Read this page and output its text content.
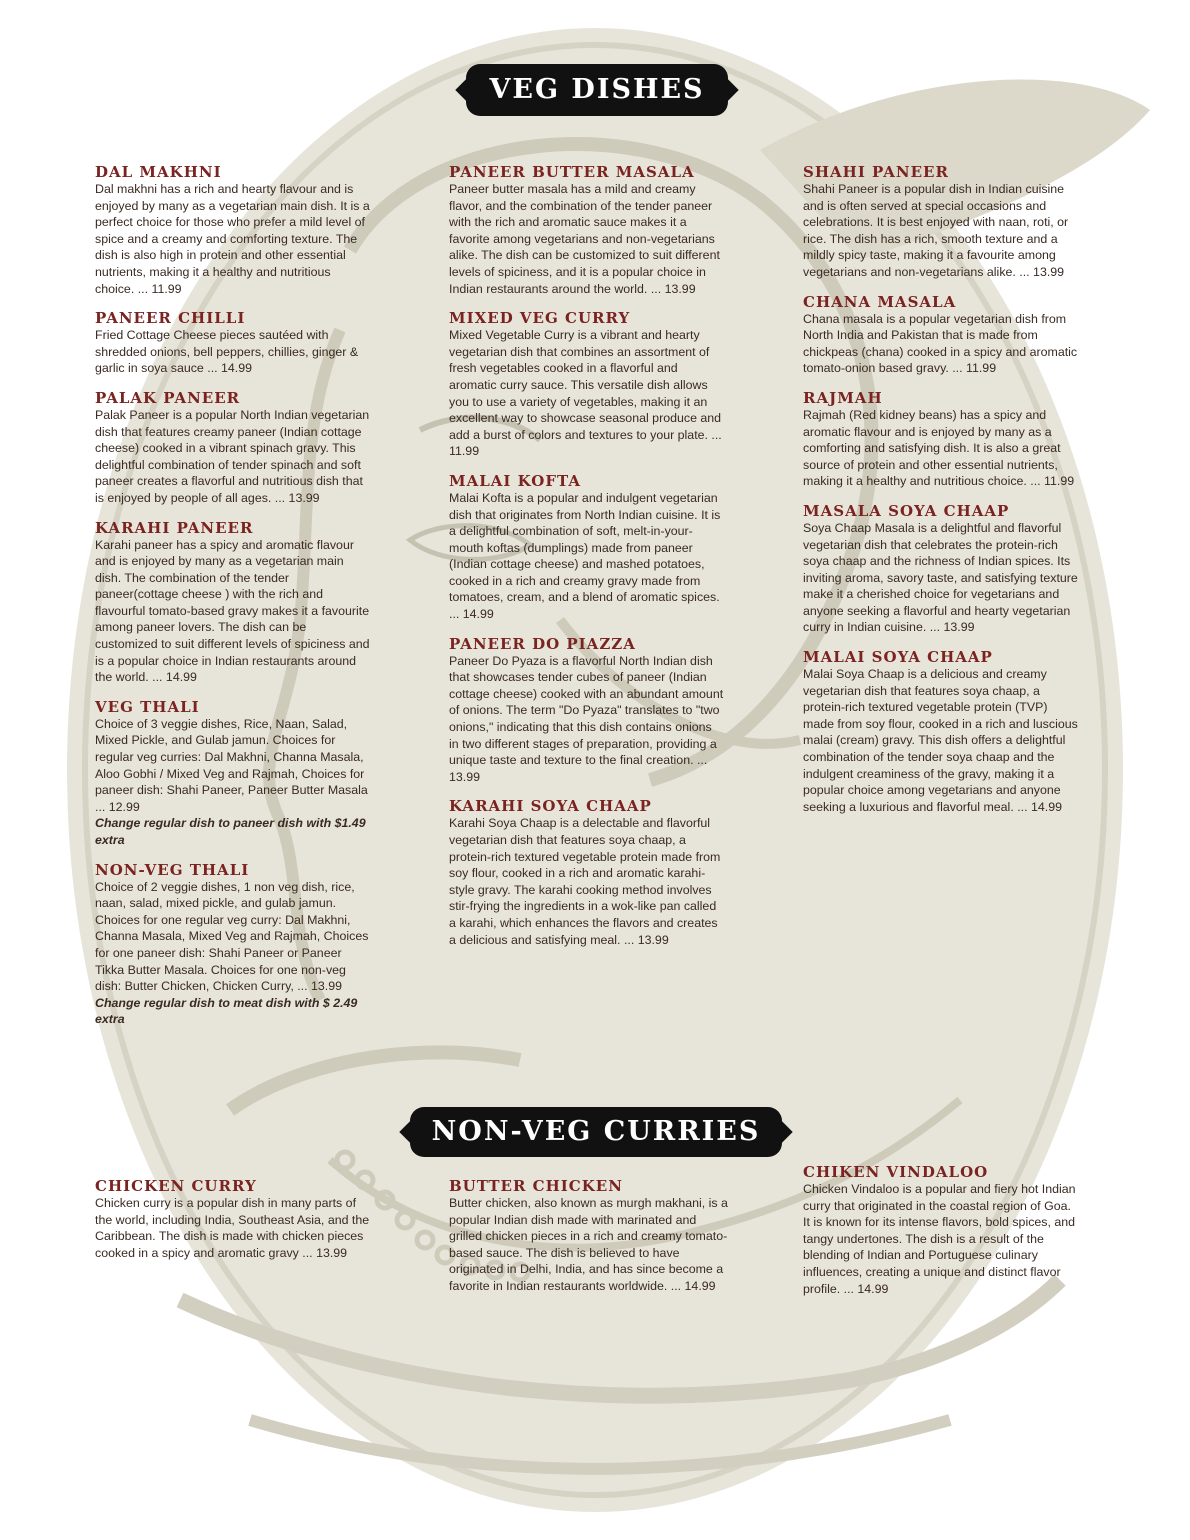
VEG DISHES
NON-VEG CURRIES

DAL MAKHNI

Dal makhni has a rich and hearty flavour and is enjoyed by many as a vegetarian main dish. It is a perfect choice for those who prefer a mild level of spice and a creamy and comforting texture. The dish is also high in protein and other essential nutrients, making it a healthy and nutritious choice. ... 11.99

PANEER CHILLI

Fried Cottage Cheese pieces sautéed with shredded onions, bell peppers, chillies, ginger & garlic in soya sauce ... 14.99

PALAK PANEER

Palak Paneer is a popular North Indian vegetarian dish that features creamy paneer (Indian cottage cheese) cooked in a vibrant spinach gravy. This delightful combination of tender spinach and soft paneer creates a flavorful and nutritious dish that is enjoyed by people of all ages. ... 13.99

KARAHI PANEER

Karahi paneer has a spicy and aromatic flavour and is enjoyed by many as a vegetarian main dish. The combination of the tender paneer(cottage cheese ) with the rich and flavourful tomato-based gravy makes it a favourite among paneer lovers. The dish can be customized to suit different levels of spiciness and is a popular choice in Indian restaurants around the world. ... 14.99

VEG THALI

Choice of 3 veggie dishes, Rice, Naan, Salad, Mixed Pickle, and Gulab jamun. Choices for regular veg curries: Dal Makhni, Channa Masala, Aloo Gobhi / Mixed Veg and Rajmah, Choices for paneer dish: Shahi Paneer, Paneer Butter Masala ... 12.99

Change regular dish to paneer dish with $1.49 extra

NON-VEG THALI

Choice of 2 veggie dishes, 1 non veg dish, rice, naan, salad, mixed pickle, and gulab jamun. Choices for one regular veg curry: Dal Makhni, Channa Masala, Mixed Veg and Rajmah, Choices for one paneer dish: Shahi Paneer or Paneer Tikka Butter Masala. Choices for one non-veg dish: Butter Chicken, Chicken Curry, ... 13.99

Change regular dish to meat dish with $ 2.49 extra

PANEER BUTTER MASALA

Paneer butter masala has a mild and creamy flavor, and the combination of the tender paneer with the rich and aromatic sauce makes it a favorite among vegetarians and non-vegetarians alike. The dish can be customized to suit different levels of spiciness, and it is a popular choice in Indian restaurants around the world. ... 13.99

MIXED VEG CURRY

Mixed Vegetable Curry is a vibrant and hearty vegetarian dish that combines an assortment of fresh vegetables cooked in a flavorful and aromatic curry sauce. This versatile dish allows you to use a variety of vegetables, making it an excellent way to showcase seasonal produce and add a burst of colors and textures to your plate. ... 11.99

MALAI KOFTA

Malai Kofta is a popular and indulgent vegetarian dish that originates from North Indian cuisine. It is a delightful combination of soft, melt-in-your-mouth koftas (dumplings) made from paneer (Indian cottage cheese) and mashed potatoes, cooked in a rich and creamy gravy made from tomatoes, cream, and a blend of aromatic spices. ... 14.99

PANEER DO PIAZZA

Paneer Do Pyaza is a flavorful North Indian dish that showcases tender cubes of paneer (Indian cottage cheese) cooked with an abundant amount of onions. The term "Do Pyaza" translates to "two onions," indicating that this dish contains onions in two different stages of preparation, providing a unique taste and texture to the final creation. ... 13.99

KARAHI SOYA CHAAP

Karahi Soya Chaap is a delectable and flavorful vegetarian dish that features soya chaap, a protein-rich textured vegetable protein made from soy flour, cooked in a rich and aromatic karahi-style gravy. The karahi cooking method involves stir-frying the ingredients in a wok-like pan called a karahi, which enhances the flavors and creates a delicious and satisfying meal. ... 13.99

SHAHI PANEER

Shahi Paneer is a popular dish in Indian cuisine and is often served at special occasions and celebrations. It is best enjoyed with naan, roti, or rice. The dish has a rich, smooth texture and a mildly spicy taste, making it a favourite among vegetarians and non-vegetarians alike. ... 13.99

CHANA MASALA

Chana masala is a popular vegetarian dish from North India and Pakistan that is made from chickpeas (chana) cooked in a spicy and aromatic tomato-onion based gravy. ... 11.99

RAJMAH

Rajmah (Red kidney beans) has a spicy and aromatic flavour and is enjoyed by many as a comforting and satisfying dish. It is also a great source of protein and other essential nutrients, making it a healthy and nutritious choice. ... 11.99

MASALA SOYA CHAAP

Soya Chaap Masala is a delightful and flavorful vegetarian dish that celebrates the protein-rich soya chaap and the richness of Indian spices. Its inviting aroma, savory taste, and satisfying texture make it a cherished choice for vegetarians and anyone seeking a flavorful and hearty vegetarian curry in Indian cuisine. ... 13.99

MALAI SOYA CHAAP

Malai Soya Chaap is a delicious and creamy vegetarian dish that features soya chaap, a protein-rich textured vegetable protein (TVP) made from soy flour, cooked in a rich and luscious malai (cream) gravy. This dish offers a delightful combination of the tender soya chaap and the indulgent creaminess of the gravy, making it a popular choice among vegetarians and anyone seeking a luxurious and flavorful meal. ... 14.99

CHICKEN CURRY

Chicken curry is a popular dish in many parts of the world, including India, Southeast Asia, and the Caribbean. The dish is made with chicken pieces cooked in a spicy and aromatic gravy ... 13.99

BUTTER CHICKEN

Butter chicken, also known as murgh makhani, is a popular Indian dish made with marinated and grilled chicken pieces in a rich and creamy tomato-based sauce. The dish is believed to have originated in Delhi, India, and has since become a favorite in Indian restaurants worldwide. ... 14.99

CHIKEN VINDALOO

Chicken Vindaloo is a popular and fiery hot Indian curry that originated in the coastal region of Goa. It is known for its intense flavors, bold spices, and tangy undertones. The dish is a result of the blending of Indian and Portuguese culinary influences, creating a unique and distinct flavor profile. ... 14.99
